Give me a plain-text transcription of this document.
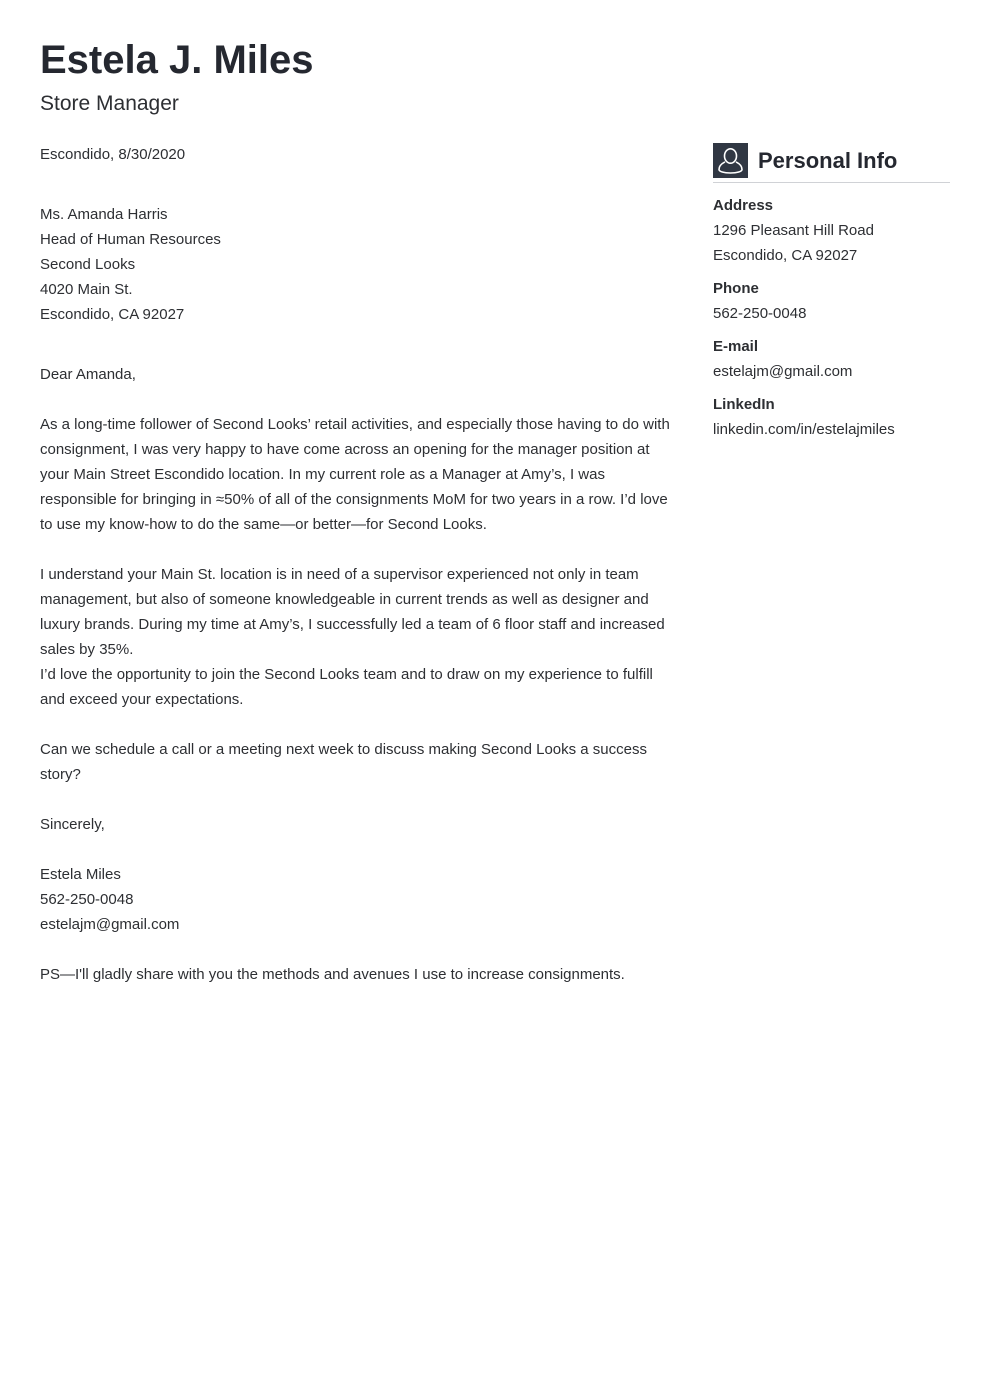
Estela J. Miles
Store Manager

Escondido, 8/30/2020

Ms. Amanda Harris
Head of Human Resources
Second Looks
4020 Main St.
Escondido, CA 92027

Dear Amanda,

As a long-time follower of Second Looks’ retail activities, and especially those having to do with consignment, I was very happy to have come across an opening for the manager position at your Main Street Escondido location. In my current role as a Manager at Amy’s, I was responsible for bringing in ≈50% of all of the consignments MoM for two years in a row. I’d love to use my know-how to do the same—or better—for Second Looks.

I understand your Main St. location is in need of a supervisor experienced not only in team management, but also of someone knowledgeable in current trends as well as designer and luxury brands. During my time at Amy’s, I successfully led a team of 6 floor staff and increased sales by 35%.

I’d love the opportunity to join the Second Looks team and to draw on my experience to fulfill and exceed your expectations.

Can we schedule a call or a meeting next week to discuss making Second Looks a success story?

Sincerely,

Estela Miles
562-250-0048
estelajm@gmail.com

PS—I'll gladly share with you the methods and avenues I use to increase consignments.

Personal Info
Address
1296 Pleasant Hill Road
Escondido, CA 92027
Phone
562-250-0048
E-mail
estelajm@gmail.com
LinkedIn
linkedin.com/in/estelajmiles
